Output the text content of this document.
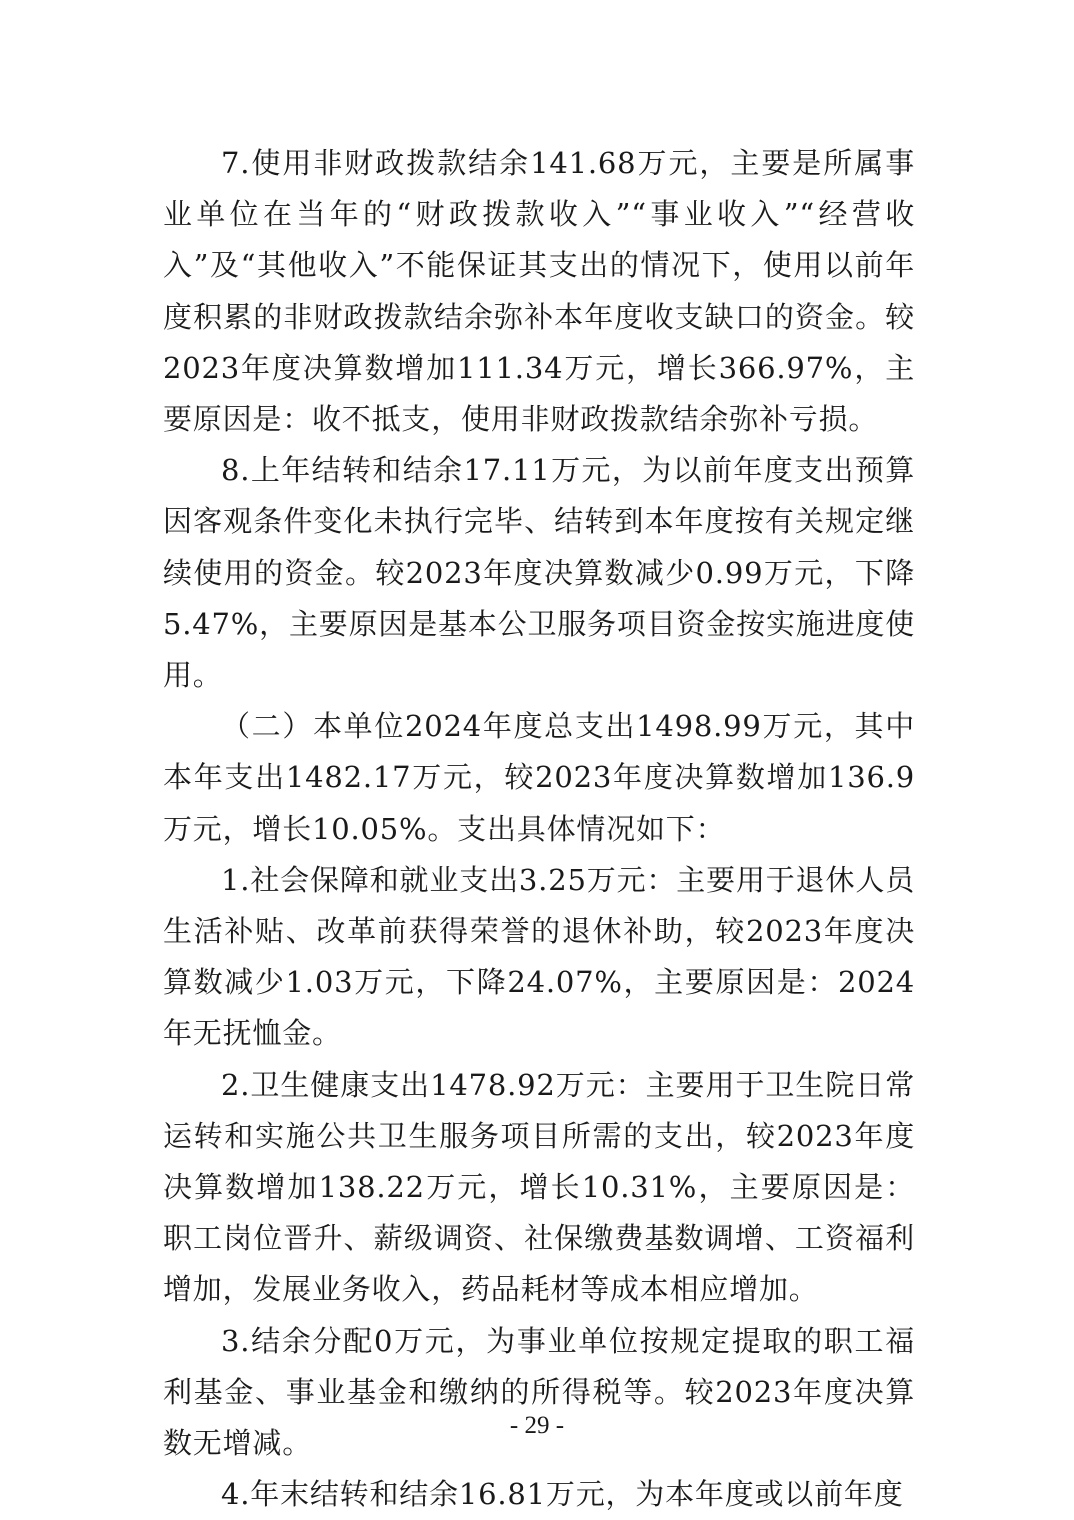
7.使用非财政拨款结余141.68万元，主要是所属事业单位在当年的“财政拨款收入”“事业收入”“经营收入”及“其他收入”不能保证其支出的情况下，使用以前年度积累的非财政拨款结余弥补本年度收支缺口的资金。较2023年度决算数增加111.34万元，增长366.97%，主要原因是：收不抵支，使用非财政拨款结余弥补亏损。

8.上年结转和结余17.11万元，为以前年度支出预算因客观条件变化未执行完毕、结转到本年度按有关规定继续使用的资金。较2023年度决算数减少0.99万元，下降5.47%，主要原因是基本公卫服务项目资金按实施进度使用。

（二）本单位2024年度总支出1498.99万元，其中本年支出1482.17万元，较2023年度决算数增加136.9万元，增长10.05%。支出具体情况如下：

1.社会保障和就业支出3.25万元：主要用于退休人员生活补贴、改革前获得荣誉的退休补助，较2023年度决算数减少1.03万元，下降24.07%，主要原因是：2024年无抚恤金。

2.卫生健康支出1478.92万元：主要用于卫生院日常运转和实施公共卫生服务项目所需的支出，较2023年度决算数增加138.22万元，增长10.31%，主要原因是：职工岗位晋升、薪级调资、社保缴费基数调增、工资福利增加，发展业务收入，药品耗材等成本相应增加。

3.结余分配0万元，为事业单位按规定提取的职工福利基金、事业基金和缴纳的所得税等。较2023年度决算数无增减。

4.年末结转和结余16.81万元，为本年度或以前年度

- 29 -
